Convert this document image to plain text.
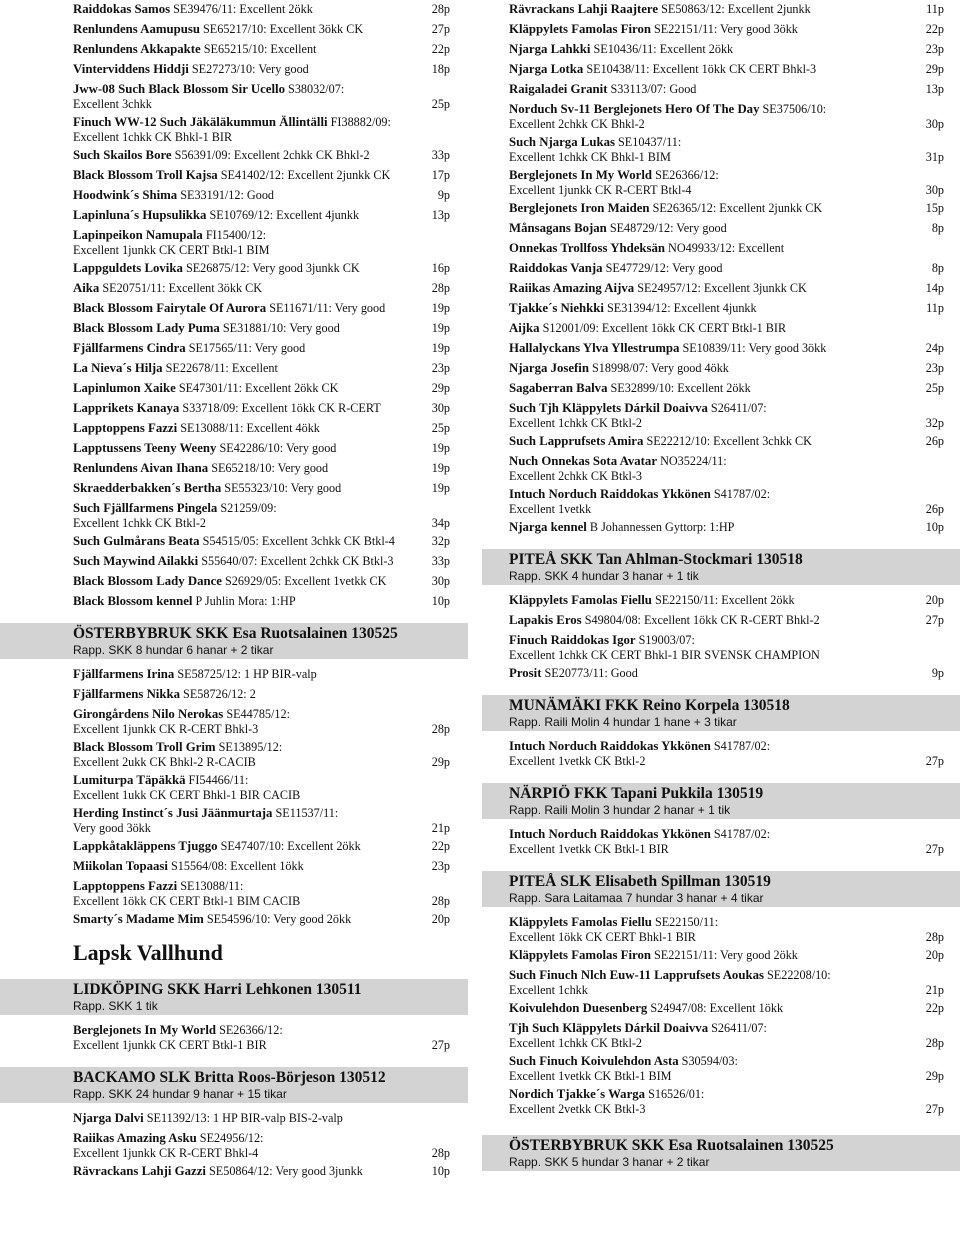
Raiddokas Samos SE39476/11: Excellent 2ökk	28p
Renlundens Aamupusu SE65217/10: Excellent 3ökk CK	27p
Renlundens Akkapakte SE65215/10: Excellent	22p
Vinterviddens Hiddji SE27273/10: Very good	18p
Jww-08 Such Black Blossom Sir Ucello S38032/07:
Excellent 3chkk	25p
Finuch WW-12 Such Jäkäläkummun Ällintälli FI38882/09:
Excellent 1chkk CK Bhkl-1 BIR
Such Skailos Bore S56391/09: Excellent 2chkk CK Bhkl-2	33p
Black Blossom Troll Kajsa SE41402/12: Excellent 2junkk CK	17p
Hoodwink´s Shima SE33191/12: Good	9p
Lapinluna´s Hupsulikka SE10769/12: Excellent 4junkk	13p
Lapinpeikon Namupala FI15400/12:
Excellent 1junkk CK CERT Btkl-1 BIM
Lappguldets Lovika SE26875/12: Very good 3junkk CK	16p
Aika SE20751/11: Excellent 3ökk CK	28p
Black Blossom Fairytale Of Aurora SE11671/11: Very good	19p
Black Blossom Lady Puma SE31881/10: Very good	19p
Fjällfarmens Cindra SE17565/11: Very good	19p
La Nieva´s Hilja SE22678/11: Excellent	23p
Lapinlumon Xaike SE47301/11: Excellent 2ökk CK	29p
Lapprikets Kanaya S33718/09: Excellent 1ökk CK R-CERT	30p
Lapptoppens Fazzi SE13088/11: Excellent 4ökk	25p
Lapptussens Teeny Weeny SE42286/10: Very good	19p
Renlundens Aivan Ihana SE65218/10: Very good	19p
Skraedderbakken´s Bertha SE55323/10: Very good	19p
Such Fjällfarmens Pingela S21259/09:
Excellent 1chkk CK Btkl-2	34p
Such Gulmårans Beata S54515/05: Excellent 3chkk CK Btkl-4	32p
Such Maywind Ailakki S55640/07: Excellent 2chkk CK Btkl-3	33p
Black Blossom Lady Dance S26929/05: Excellent 1vetkk CK	30p
Black Blossom kennel P Juhlin Mora: 1:HP	10p
ÖSTERBYBRUK SKK Esa Ruotsalainen 130525
Rapp. SKK 8 hundar 6 hanar + 2 tikar
Fjällfarmens Irina SE58725/12: 1 HP BIR-valp
Fjällfarmens Nikka SE58726/12: 2
Girongårdens Nilo Nerokas SE44785/12:
Excellent 1junkk CK R-CERT Bhkl-3	28p
Black Blossom Troll Grim SE13895/12:
Excellent 2ukk CK Bhkl-2 R-CACIB	29p
Lumiturpa Täpäkkä FI54466/11:
Excellent 1ukk CK CERT Bhkl-1 BIR CACIB
Herding Instinct´s Jusi Jäänmurtaja SE11537/11:
Very good 3ökk	21p
Lappkåtakläppens Tjuggo SE47407/10: Excellent 2ökk	22p
Miikolan Topaasi S15564/08: Excellent 1ökk	23p
Lapptoppens Fazzi SE13088/11:
Excellent 1ökk CK CERT Btkl-1 BIM CACIB	28p
Smarty´s Madame Mim SE54596/10: Very good 2ökk	20p
Lapsk Vallhund
LIDKÖPING SKK Harri Lehkonen 130511
Rapp. SKK 1 tik
Berglejonets In My World SE26366/12:
Excellent 1junkk CK CERT Btkl-1 BIR	27p
BACKAMO SLK Britta Roos-Börjeson 130512
Rapp. SKK 24 hundar 9 hanar + 15 tikar
Njarga Dalvi SE11392/13: 1 HP BIR-valp BIS-2-valp
Raiikas Amazing Asku SE24956/12:
Excellent 1junkk CK R-CERT Bhkl-4	28p
Rävrackans Lahji Gazzi SE50864/12: Very good 3junkk	10p
Rävrackans Lahji Raajtere SE50863/12: Excellent 2junkk	11p
Kläppylets Famolas Firon SE22151/11: Very good 3ökk	22p
Njarga Lahkki SE10436/11: Excellent 2ökk	23p
Njarga Lotka SE10438/11: Excellent 1ökk CK CERT Bhkl-3	29p
Raigaladei Granit S33113/07: Good	13p
Norduch Sv-11 Berglejonets Hero Of The Day SE37506/10:
Excellent 2chkk CK Bhkl-2	30p
Such Njarga Lukas SE10437/11:
Excellent 1chkk CK Bhkl-1 BIM	31p
Berglejonets In My World SE26366/12:
Excellent 1junkk CK R-CERT Btkl-4	30p
Berglejonets Iron Maiden SE26365/12: Excellent 2junkk CK	15p
Månsagans Bojan SE48729/12: Very good	8p
Onnekas Trollfoss Yhdeksän NO49933/12: Excellent
Raiddokas Vanja SE47729/12: Very good	8p
Raiikas Amazing Aijva SE24957/12: Excellent 3junkk CK	14p
Tjakke´s Niehkki SE31394/12: Excellent 4junkk	11p
Aijka S12001/09: Excellent 1ökk CK CERT Btkl-1 BIR
Hallalyckans Ylva Yllestrumpa SE10839/11: Very good 3ökk	24p
Njarga Josefin S18998/07: Very good 4ökk	23p
Sagaberran Balva SE32899/10: Excellent 2ökk	25p
Such Tjh Kläppylets Dárkil Doaivva S26411/07:
Excellent 1chkk CK Btkl-2	32p
Such Lapprufsets Amira SE22212/10: Excellent 3chkk CK	26p
Nuch Onnekas Sota Avatar NO35224/11:
Excellent 2chkk CK Btkl-3
Intuch Norduch Raiddokas Ykkönen S41787/02:
Excellent 1vetkk	26p
Njarga kennel B Johannessen Gyttorp: 1:HP	10p
PITEÅ SKK Tan Ahlman-Stockmari 130518
Rapp. SKK 4 hundar 3 hanar + 1 tik
Kläppylets Famolas Fiellu SE22150/11: Excellent 2ökk	20p
Lapakis Eros S49804/08: Excellent 1ökk CK R-CERT Bhkl-2	27p
Finuch Raiddokas Igor S19003/07:
Excellent 1chkk CK CERT Bhkl-1 BIR SVENSK CHAMPION
Prosit SE20773/11: Good	9p
MUNÄMÄKI FKK Reino Korpela 130518
Rapp. Raili Molin 4 hundar 1 hane + 3 tikar
Intuch Norduch Raiddokas Ykkönen S41787/02:
Excellent 1vetkk CK Btkl-2	27p
NÄRPIÖ FKK Tapani Pukkila 130519
Rapp. Raili Molin 3 hundar 2 hanar + 1 tik
Intuch Norduch Raiddokas Ykkönen S41787/02:
Excellent 1vetkk CK Btkl-1 BIR	27p
PITEÅ SLK Elisabeth Spillman 130519
Rapp. Sara Laitamaa 7 hundar 3 hanar + 4 tikar
Kläppylets Famolas Fiellu SE22150/11:
Excellent 1ökk CK CERT Bhkl-1 BIR	28p
Kläppylets Famolas Firon SE22151/11: Very good 2ökk	20p
Such Finuch Nlch Euw-11 Lapprufsets Aoukas SE22208/10:
Excellent 1chkk	21p
Koivulehdon Duesenberg S24947/08: Excellent 1ökk	22p
Tjh Such Kläppylets Dárkil Doaivva S26411/07:
Excellent 1chkk CK Btkl-2	28p
Such Finuch Koivulehdon Asta S30594/03:
Excellent 1vetkk CK Btkl-1 BIM	29p
Nordich Tjakke´s Warga S16526/01:
Excellent 2vetkk CK Btkl-3	27p
ÖSTERBYBRUK SKK Esa Ruotsalainen 130525
Rapp. SKK 5 hundar 3 hanar + 2 tikar
